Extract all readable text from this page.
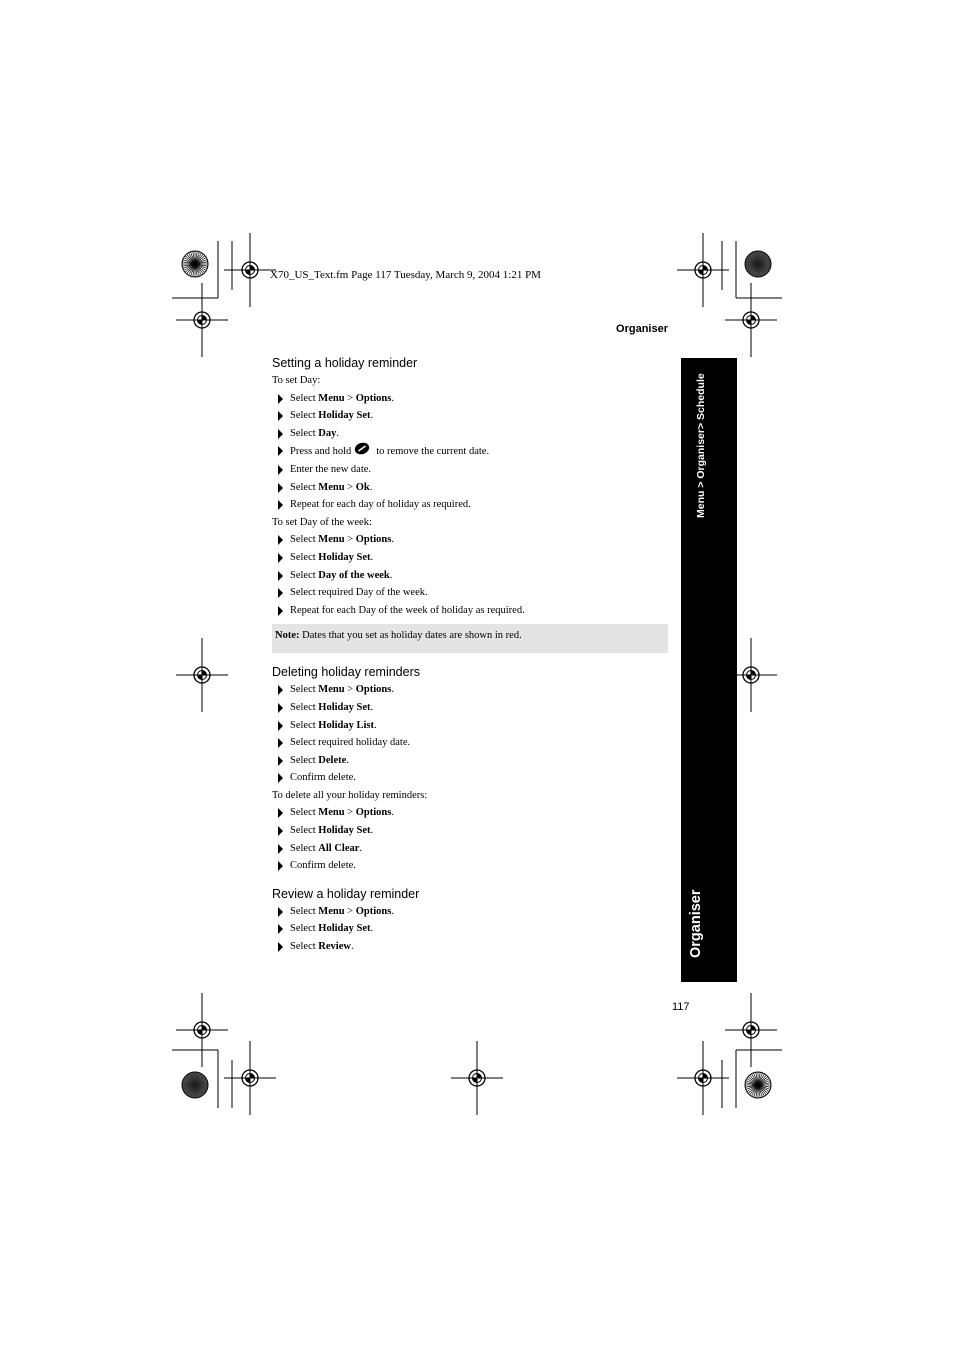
X70_US_Text.fm Page 117 Tuesday, March 9, 2004 1:21 PM
Organiser
Menu > Organiser> Schedule
Organiser
Setting a holiday reminder

To set Day:

Select Menu > Options.
Select Holiday Set.
Select Day.
Press and hold to remove the current date.
Enter the new date.
Select Menu > Ok.
Repeat for each day of holiday as required.

To set Day of the week:

Select Menu > Options.
Select Holiday Set.
Select Day of the week.
Select required Day of the week.
Repeat for each Day of the week of holiday as required.
Note: Dates that you set as holiday dates are shown in red.
Deleting holiday reminders
Select Menu > Options.
Select Holiday Set.
Select Holiday List.
Select required holiday date.
Select Delete.
Confirm delete.

To delete all your holiday reminders:

Select Menu > Options.
Select Holiday Set.
Select All Clear.
Confirm delete.
Review a holiday reminder
Select Menu > Options.
Select Holiday Set.
Select Review.
117
